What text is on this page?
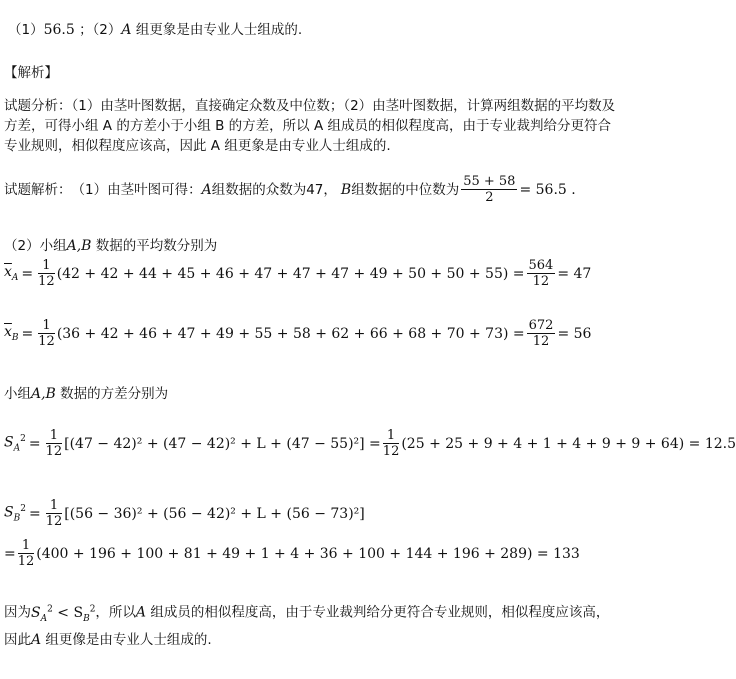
（1）56.5 ；（2）A 组更象是由专业人士组成的.
【解析】
试题分析：（1）由茎叶图数据，直接确定众数及中位数；（2）由茎叶图数据，计算两组数据的平均数及方差，可得小组 A 的方差小于小组 B 的方差，所以 A 组成员的相似程度高，由于专业裁判给分更符合专业规则，相似程度应该高，因此 A 组更象是由专业人士组成的.
试题解析： （1）由茎叶图可得： A 组数据的众数为47， B 组数据的中位数为 $\frac{55 + 58}{2} = 56.5$ .
（2）小组A,B 数据的平均数分别为
$\overline{x}_A = \frac{1}{12} (42 + 42 + 44 + 45 + 46 + 47 + 47 + 47 + 49 + 50 + 50 + 55) = \frac{564}{12} = 47$
$\overline{x}_B = \frac{1}{12} (36 + 42 + 46 + 47 + 49 + 55 + 58 + 62 + 66 + 68 + 70 + 73) = \frac{672}{12} = 56$
小组A,B 数据的方差分别为
$S_A^2 = \frac{1}{12} [(47 - 42)^2 + (47 - 42)^2 + L + (47 - 55)^2] = \frac{1}{12} (25 + 25 + 9 + 4 + 1 + 4 + 9 + 9 + 64) = 12.5$
$S_B^2 = \frac{1}{12} [(56 - 36)^2 + (56 - 42)^2 + L + (56 - 73)^2]$
= $\frac{1}{12} (400 + 196 + 100 + 81 + 49 + 1 + 4 + 36 + 100 + 144 + 196 + 289) = 133$
因为$S_A^2 < S_B^2$，所以A 组成员的相似程度高，由于专业裁判给分更符合专业规则，相似程度应该高，因此A 组更像是由专业人士组成的.
